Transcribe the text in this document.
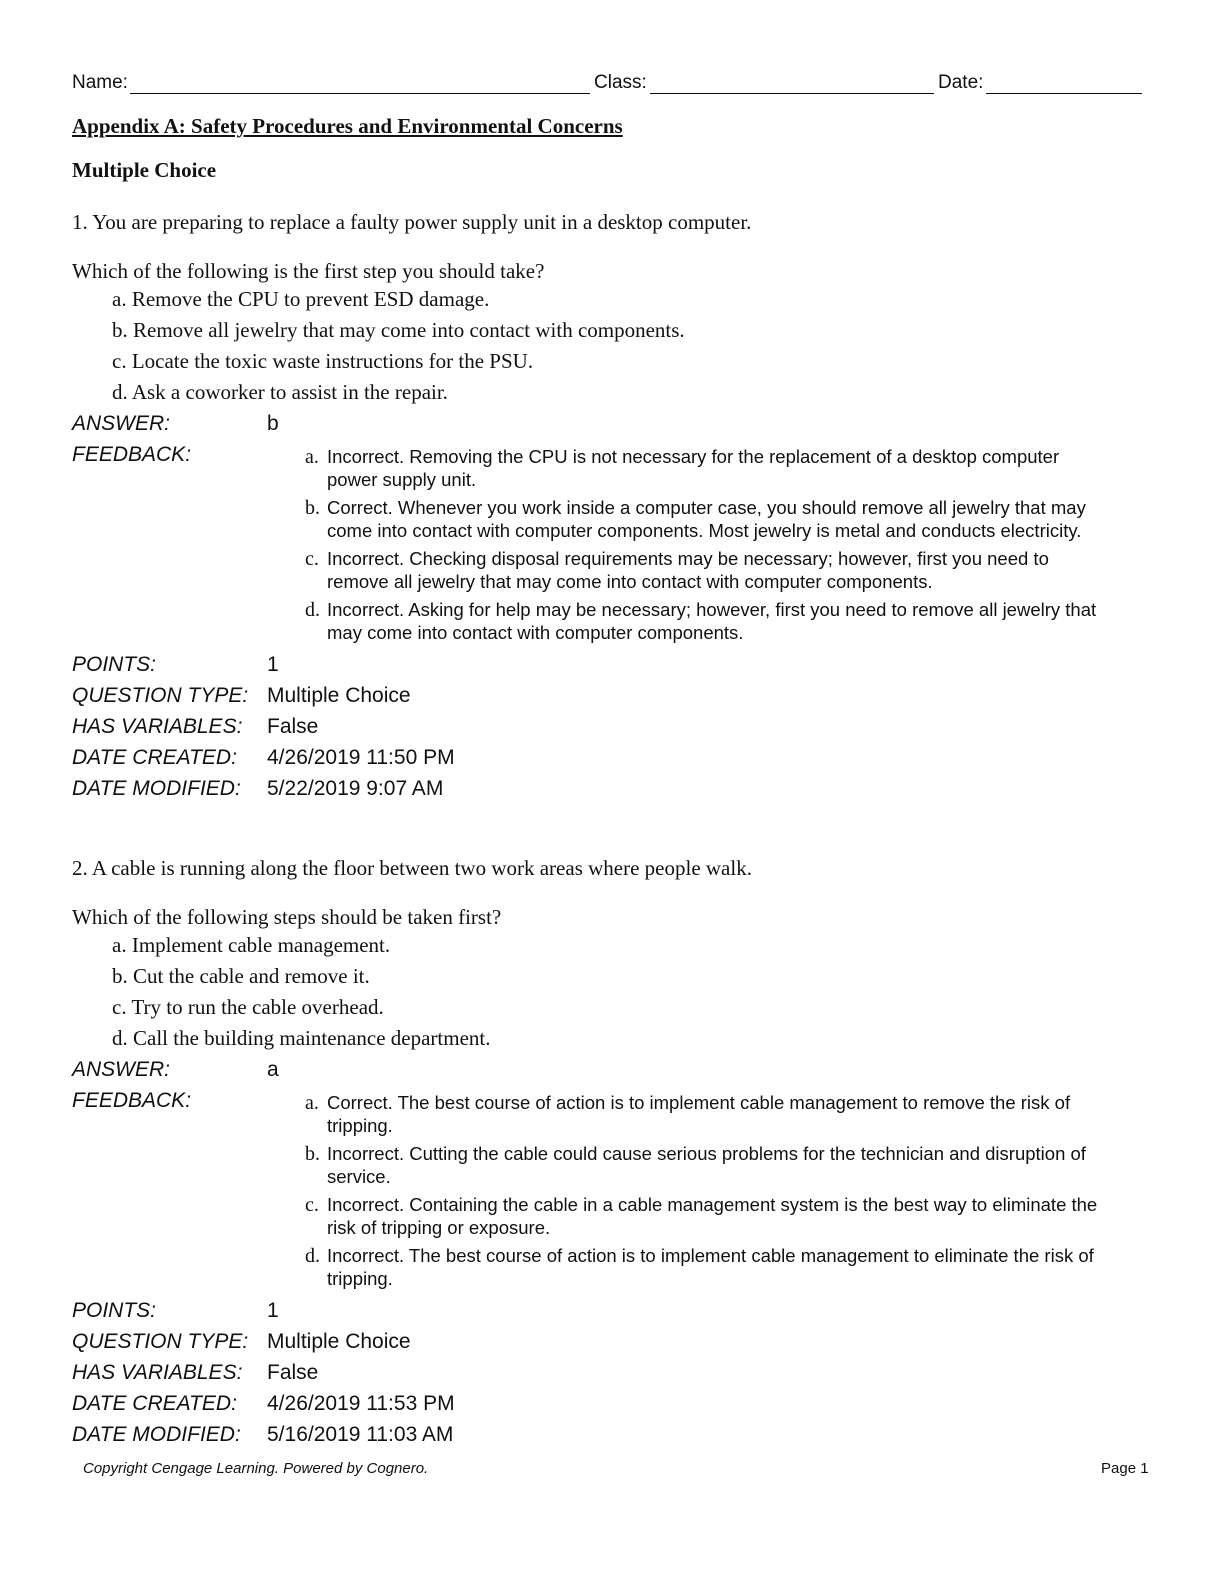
Name:	Class:	Date:
Appendix A: Safety Procedures and Environmental Concerns
Multiple Choice

1. You are preparing to replace a faulty power supply unit in a desktop computer.

Which of the following is the first step you should take?

a. Remove the CPU to prevent ESD damage.
b. Remove all jewelry that may come into contact with components.
c. Locate the toxic waste instructions for the PSU.
d. Ask a coworker to assist in the repair.
ANSWER:	b
FEEDBACK:	a. Incorrect. Removing the CPU is not necessary for the replacement of a desktop computer power supply unit.
b. Correct. Whenever you work inside a computer case, you should remove all jewelry that may come into contact with computer components. Most jewelry is metal and conducts electricity.
c. Incorrect. Checking disposal requirements may be necessary; however, first you need to remove all jewelry that may come into contact with computer components.
d. Incorrect. Asking for help may be necessary; however, first you need to remove all jewelry that may come into contact with computer components.
POINTS:	1
QUESTION TYPE: Multiple Choice
HAS VARIABLES:	False
DATE CREATED:	4/26/2019 11:50 PM
DATE MODIFIED:	5/22/2019 9:07 AM

2. A cable is running along the floor between two work areas where people walk.

Which of the following steps should be taken first?

a. Implement cable management.
b. Cut the cable and remove it.
c. Try to run the cable overhead.
d. Call the building maintenance department.
ANSWER:	a
FEEDBACK:	a. Correct. The best course of action is to implement cable management to remove the risk of tripping.
b. Incorrect. Cutting the cable could cause serious problems for the technician and disruption of service.
c. Incorrect. Containing the cable in a cable management system is the best way to eliminate the risk of tripping or exposure.
d. Incorrect. The best course of action is to implement cable management to eliminate the risk of tripping.
POINTS:	1
QUESTION TYPE: Multiple Choice
HAS VARIABLES:	False
DATE CREATED:	4/26/2019 11:53 PM
DATE MODIFIED:	5/16/2019 11:03 AM
Copyright Cengage Learning. Powered by Cognero.	Page 1
